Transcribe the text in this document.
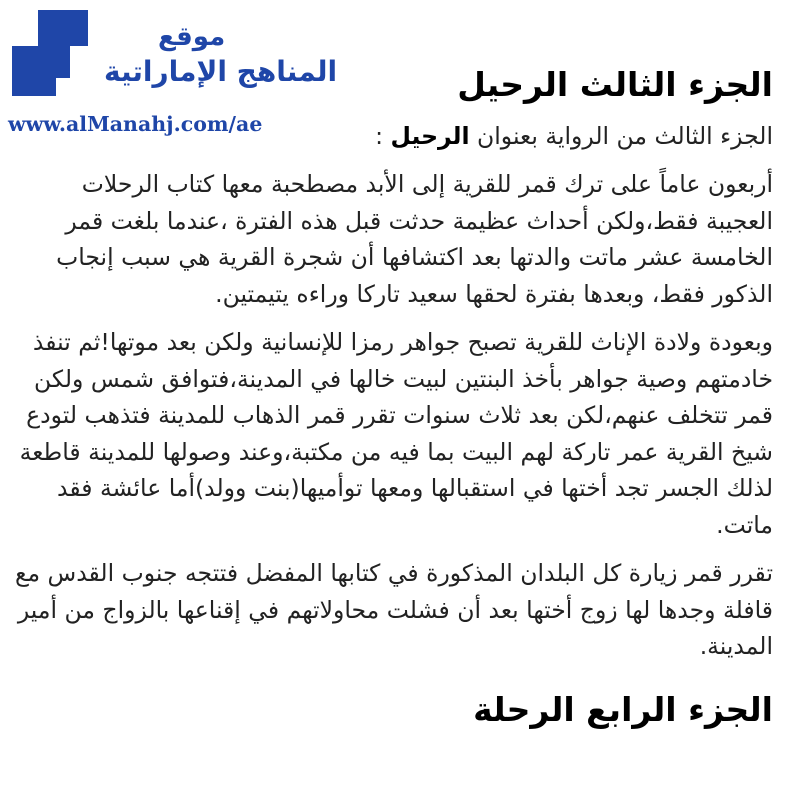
موقع
المناهج الإماراتية
www.alManahj.com/ae
الجزء الثالث الرحيل

الجزء الثالث من الرواية بعنوان الرحيل :

أربعون عاماً على ترك قمر للقرية إلى الأبد مصطحبة معها كتاب الرحلات العجيبة فقط،ولكن أحداث عظيمة حدثت قبل هذه الفترة ،عندما بلغت قمر الخامسة عشر ماتت والدتها بعد اكتشافها أن شجرة القرية هي سبب إنجاب الذكور فقط، وبعدها بفترة لحقها سعيد تاركا وراءه يتيمتين.

وبعودة ولادة الإناث للقرية تصبح جواهر رمزا للإنسانية ولكن بعد موتها!ثم تنفذ خادمتهم وصية جواهر بأخذ البنتين لبيت خالها في المدينة،فتوافق شمس ولكن قمر تتخلف عنهم،لكن بعد ثلاث سنوات تقرر قمر الذهاب للمدينة فتذهب لتودع شيخ القرية عمر تاركة لهم البيت بما فيه من مكتبة،وعند وصولها للمدينة قاطعة لذلك الجسر تجد أختها في استقبالها ومعها توأميها(بنت وولد)أما عائشة فقد ماتت.

تقرر قمر زيارة كل البلدان المذكورة في كتابها المفضل فتتجه جنوب القدس مع قافلة وجدها لها زوج أختها بعد أن فشلت محاولاتهم في إقناعها بالزواج من أمير المدينة.

الجزء الرابع الرحلة
